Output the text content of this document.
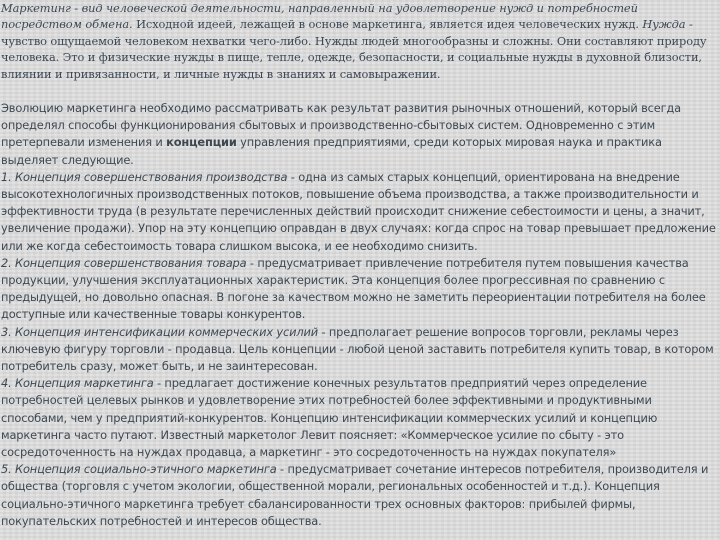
Маркетинг - вид человеческой деятельности, направленный на удовлетворение нужд и потребностей посредством обмена. Исходной идеей, лежащей в основе маркетинга, является идея человеческих нужд. Нужда - чувство ощущаемой человеком нехватки чего-либо. Нужды людей многообразны и сложны. Они составляют природу человека. Это и физические нужды в пище, тепле, одежде, безопасности, и социальные нужды в духовной близости, влиянии и привязанности, и личные нужды в знаниях и самовыражении.

Эволюцию маркетинга необходимо рассматривать как результат развития рыночных отношений, который всегда определял способы функционирования сбытовых и производственно-сбытовых систем. Одновременно с этим претерпевали изменения и концепции управления предприятиями, среди которых мировая наука и практика выделяет следующие.

1. Концепция совершенствования производства - одна из самых старых концепций, ориентирована на внедрение высокотехнологичных производственных потоков, повышение объема производства, а также производительности и эффективности труда (в результате перечисленных действий происходит снижение себестоимости и цены, а значит, увеличение продажи). Упор на эту концепцию оправдан в двух случаях: когда спрос на товар превышает предложение или же когда себестоимость товара слишком высока, и ее необходимо снизить.

2. Концепция совершенствования товара - предусматривает привлечение потребителя путем повышения качества продукции, улучшения эксплуатационных характеристик. Эта концепция более прогрессивная по сравнению с предыдущей, но довольно опасная. В погоне за качеством можно не заметить переориентации потребителя на более доступные или качественные товары конкурентов.

3. Концепция интенсификации коммерческих усилий - предполагает решение вопросов торговли, рекламы через ключевую фигуру торговли - продавца. Цель концепции - любой ценой заставить потребителя купить товар, в котором потребитель сразу, может быть, и не заинтересован.

4. Концепция маркетинга - предлагает достижение конечных результатов предприятий через определение потребностей целевых рынков и удовлетворение этих потребностей более эффективными и продуктивными способами, чем у предприятий-конкурентов. Концепцию интенсификации коммерческих усилий и концепцию маркетинга часто путают. Известный маркетолог Левит поясняет: «Коммерческое усилие по сбыту - это сосредоточенность на нуждах продавца, а маркетинг - это сосредоточенность на нуждах покупателя»

5. Концепция социально-этичного маркетинга - предусматривает сочетание интересов потребителя, производителя и общества (торговля с учетом экологии, общественной морали, региональных особенностей и т.д.). Концепция социально-этичного маркетинга требует сбалансированности трех основных факторов: прибылей фирмы, покупательских потребностей и интересов общества.
